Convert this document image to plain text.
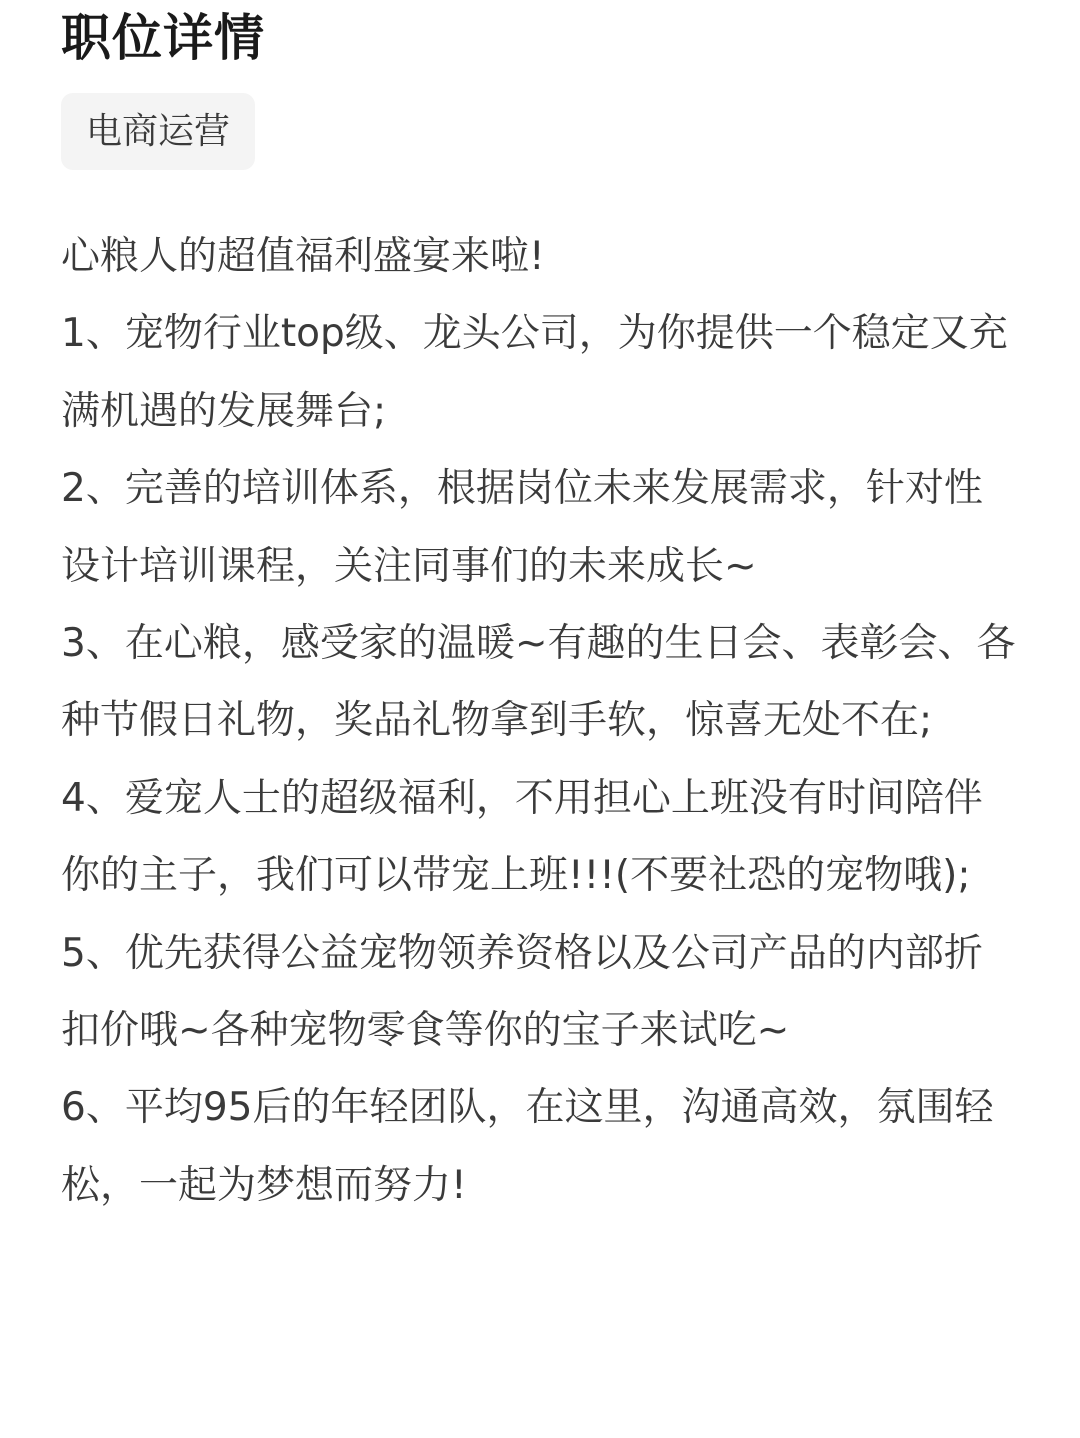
职位详情
电商运营

心粮人的超值福利盛宴来啦!

1、宠物行业top级、龙头公司，为你提供一个稳定又充满机遇的发展舞台;

2、完善的培训体系，根据岗位未来发展需求，针对性设计培训课程，关注同事们的未来成长~

3、在心粮，感受家的温暖~有趣的生日会、表彰会、各种节假日礼物，奖品礼物拿到手软，惊喜无处不在;

4、爱宠人士的超级福利，不用担心上班没有时间陪伴你的主子，我们可以带宠上班!!!(不要社恐的宠物哦);

5、优先获得公益宠物领养资格以及公司产品的内部折扣价哦~各种宠物零食等你的宝子来试吃~

6、平均95后的年轻团队，在这里，沟通高效，氛围轻松，一起为梦想而努力!
